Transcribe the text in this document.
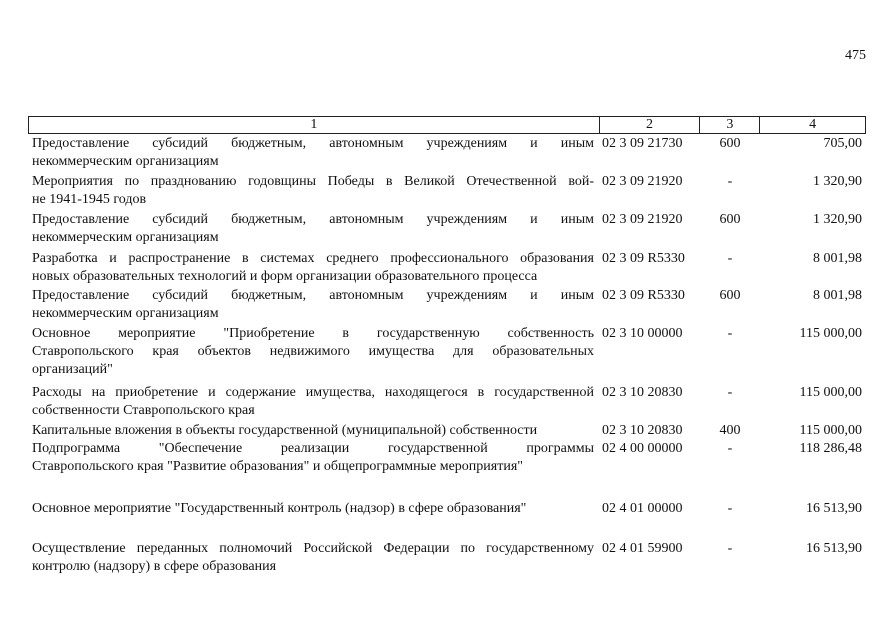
475
1	2	3	4
Предоставление субсидий бюджетным, автономным учреждениям и иным
некоммерческим организациям
02 3 09 21730	600	705,00
Мероприятия по празднованию годовщины Победы в Великой Отечественной вой-
не 1941-1945 годов
02 3 09 21920	-	1 320,90
Предоставление субсидий бюджетным, автономным учреждениям и иным
некоммерческим организациям
02 3 09 21920	600	1 320,90
Разработка и распространение в системах среднего профессионального образования
новых образовательных технологий и форм организации образовательного процесса
02 3 09 R5330	-	8 001,98
Предоставление субсидий бюджетным, автономным учреждениям и иным
некоммерческим организациям
02 3 09 R5330	600	8 001,98
Основное мероприятие "Приобретение в государственную собственность
Ставропольского края объектов недвижимого имущества для образовательных
организаций"
02 3 10 00000	-	115 000,00
Расходы на приобретение и содержание имущества, находящегося в государственной
собственности Ставропольского края
02 3 10 20830	-	115 000,00
Капитальные вложения в объекты государственной (муниципальной) собственности	02 3 10 20830	400	115 000,00
Подпрограмма "Обеспечение реализации государственной программы
Ставропольского края "Развитие образования" и общепрограммные мероприятия"
02 4 00 00000	-	118 286,48
Основное мероприятие "Государственный контроль (надзор) в сфере образования"	02 4 01 00000	-	16 513,90
Осуществление переданных полномочий Российской Федерации по государственному
контролю (надзору) в сфере образования
02 4 01 59900	-	16 513,90
